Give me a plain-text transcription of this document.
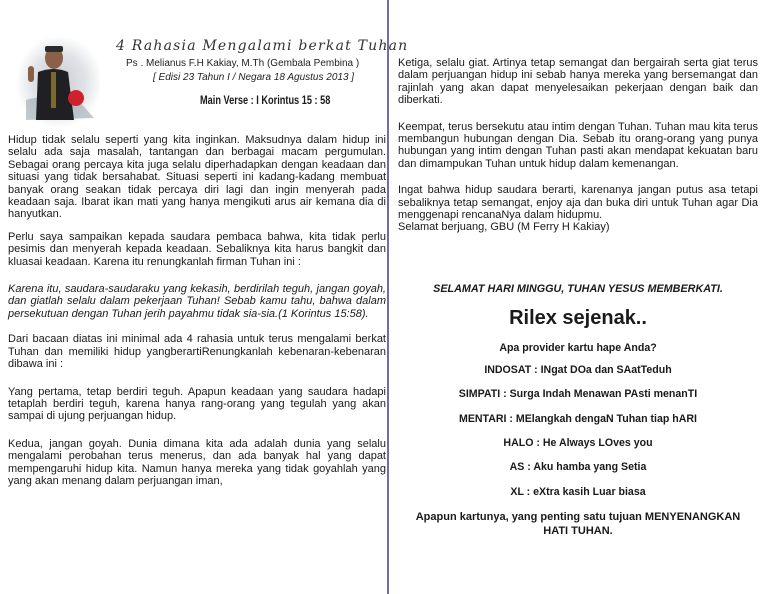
4 Rahasia Mengalami berkat Tuhan
Ps . Melianus F.H Kakiay, M.Th (Gembala Pembina )
[ Edisi 23 Tahun I / Negara 18 Agustus 2013 ]
Main Verse : I Korintus 15 : 58

Hidup tidak selalu seperti yang kita inginkan. Maksudnya dalam hidup ini selalu ada saja masalah, tantangan dan berbagai macam pergumulan. Sebagai orang percaya kita juga selalu diperhadapkan dengan keadaan dan situasi yang tidak bersahabat. Situasi seperti ini kadang-kadang membuat banyak orang seakan tidak percaya diri lagi dan ingin menyerah pada keadaan saja. Ibarat ikan mati yang hanya mengikuti arus air kemana dia di hanyutkan.

Perlu saya sampaikan kepada saudara pembaca bahwa, kita tidak perlu pesimis dan menyerah kepada keadaan. Sebaliknya kita harus bangkit dan kluasai keadaan. Karena itu renungkanlah firman Tuhan ini :

Karena itu, saudara-saudaraku yang kekasih, berdirilah teguh, jangan goyah, dan giatlah selalu dalam pekerjaan Tuhan! Sebab kamu tahu, bahwa dalam persekutuan dengan Tuhan jerih payahmu tidak sia-sia.(1 Korintus 15:58).

Dari bacaan diatas ini minimal ada 4 rahasia untuk terus mengalami berkat Tuhan dan memiliki hidup yangberartiRenungkanlah kebenaran-kebenaran dibawa ini :

Yang pertama, tetap berdiri teguh. Apapun keadaan yang saudara hadapi tetaplah berdiri teguh, karena hanya rang-orang yang tegulah yang akan sampai di ujung perjuangan hidup.

Kedua, jangan goyah. Dunia dimana kita ada adalah dunia yang selalu mengalami perobahan terus menerus, dan ada banyak hal yang dapat mempengaruhi hidup kita. Namun hanya mereka yang tidak goyahlah yang yang akan menang dalam perjuangan iman,

Ketiga, selalu giat. Artinya tetap semangat dan bergairah serta giat terus dalam perjuangan hidup ini sebab hanya mereka yang bersemangat dan rajinlah yang akan dapat menyelesaikan pekerjaan dengan baik dan diberkati.

Keempat, terus bersekutu atau intim dengan Tuhan. Tuhan mau kita terus membangun hubungan dengan Dia. Sebab itu orang-orang yang punya hubungan yang intim dengan Tuhan pasti akan mendapat kekuatan baru dan dimampukan Tuhan untuk hidup dalam kemenangan.

Ingat bahwa hidup saudara berarti, karenanya jangan putus asa tetapi sebaliknya tetap semangat, enjoy aja dan buka diri untuk Tuhan agar Dia menggenapi rencanaNya dalam hidupmu.

Selamat berjuang, GBU (M Ferry H Kakiay)

SELAMAT HARI MINGGU, TUHAN YESUS MEMBERKATI.
Rilex sejenak..
Apa provider kartu hape Anda?
INDOSAT : INgat DOa dan SAatTeduh
SIMPATI : Surga Indah Menawan PAsti menanTI
MENTARI : MElangkah dengaN Tuhan tiap hARI
HALO : He Always LOves you
AS : Aku hamba yang Setia
XL : eXtra kasih Luar biasa
Apapun kartunya, yang penting satu tujuan MENYENANGKAN HATI TUHAN.
